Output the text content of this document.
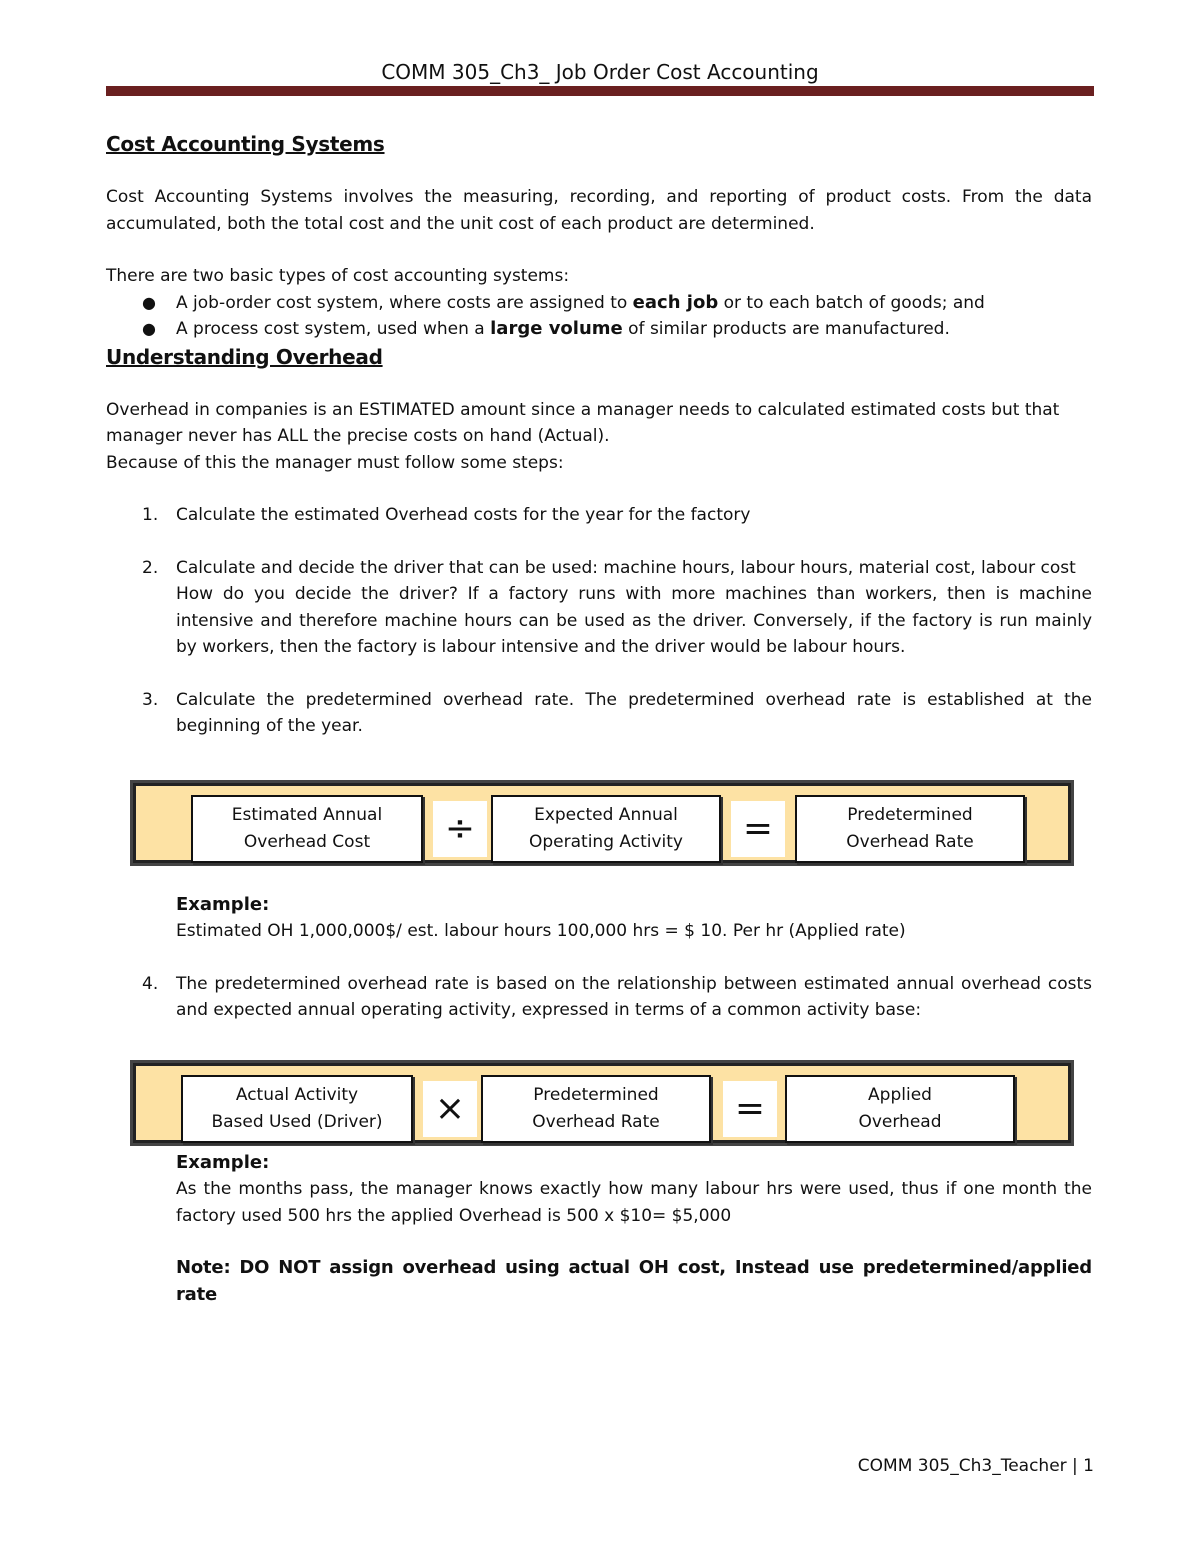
COMM 305_Ch3_ Job Order Cost Accounting
Cost Accounting Systems

Cost Accounting Systems involves the measuring, recording, and reporting of product costs. From the data accumulated, both the total cost and the unit cost of each product are determined.

There are two basic types of cost accounting systems:

● A job-order cost system, where costs are assigned to each job or to each batch of goods; and
● A process cost system, used when a large volume of similar products are manufactured.
Understanding Overhead

Overhead in companies is an ESTIMATED amount since a manager needs to calculated estimated costs but that manager never has ALL the precise costs on hand (Actual).

Because of this the manager must follow some steps:

1. Calculate the estimated Overhead costs for the year for the factory
2. Calculate and decide the driver that can be used: machine hours, labour hours, material cost, labour cost
How do you decide the driver? If a factory runs with more machines than workers, then is machine intensive and therefore machine hours can be used as the driver. Conversely, if the factory is run mainly by workers, then the factory is labour intensive and the driver would be labour hours.
3. Calculate the predetermined overhead rate. The predetermined overhead rate is established at the beginning of the year.
Estimated Annual
Overhead Cost	÷	Expected Annual
Operating Activity	=	Predetermined
Overhead Rate
Example:
Estimated OH 1,000,000$/ est. labour hours 100,000 hrs = $ 10. Per hr (Applied rate)
4. The predetermined overhead rate is based on the relationship between estimated annual overhead costs and expected annual operating activity, expressed in terms of a common activity base:
Actual Activity
Based Used (Driver)	×	Predetermined
Overhead Rate	=	Applied
Overhead
Example:
As the months pass, the manager knows exactly how many labour hrs were used, thus if one month the factory used 500 hrs the applied Overhead is 500 x $10= $5,000
Note: DO NOT assign overhead using actual OH cost, Instead use predetermined/applied rate
COMM 305_Ch3_Teacher | 1
